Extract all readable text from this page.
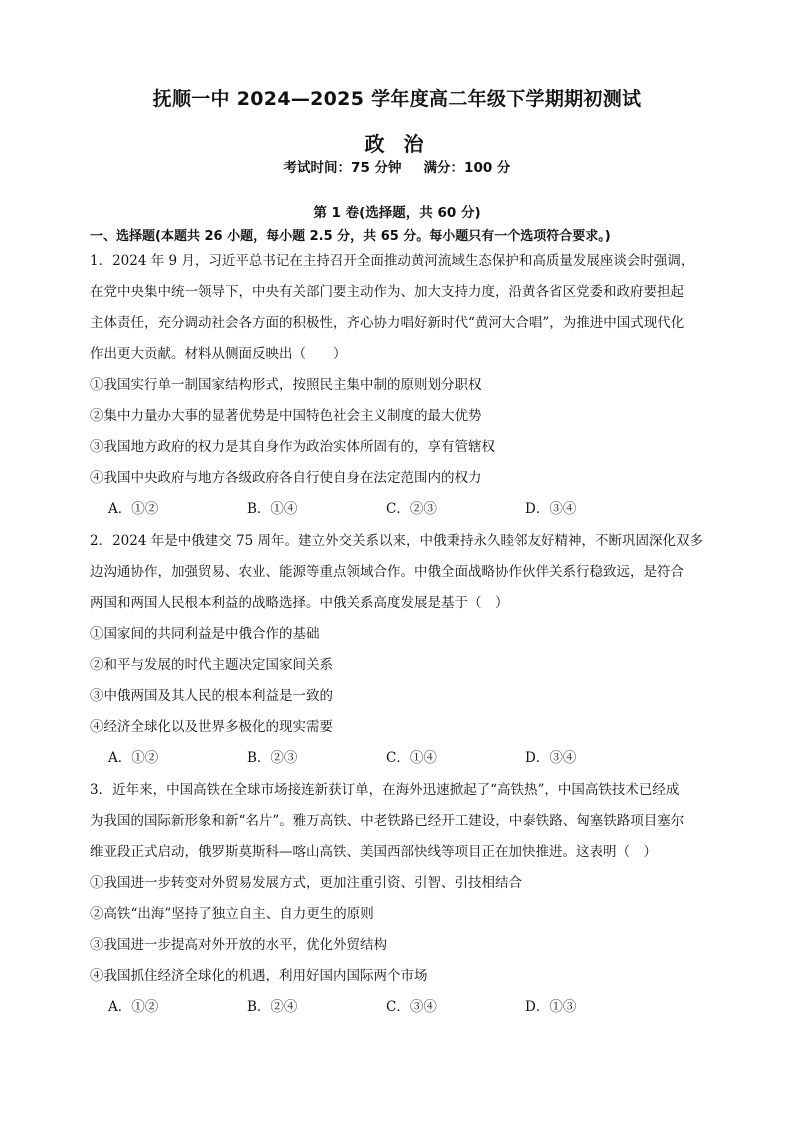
抚顺一中 2024—2025 学年度高二年级下学期期初测试
政 治
考试时间：75 分钟 满分：100 分
第 1 卷(选择题，共 60 分)
一、选择题(本题共 26 小题，每小题 2.5 分，共 65 分。每小题只有一个选项符合要求。)
1．2024 年 9 月，习近平总书记在主持召开全面推动黄河流域生态保护和高质量发展座谈会时强调，
在党中央集中统一领导下，中央有关部门要主动作为、加大支持力度，沿黄各省区党委和政府要担起
主体责任，充分调动社会各方面的积极性，齐心协力唱好新时代“黄河大合唱”，为推进中国式现代化
作出更大贡献。材料从侧面反映出（　　）
①我国实行单一制国家结构形式，按照民主集中制的原则划分职权
②集中力量办大事的显著优势是中国特色社会主义制度的最大优势
③我国地方政府的权力是其自身作为政治实体所固有的，享有管辖权
④我国中央政府与地方各级政府各自行使自身在法定范围内的权力
A．①②	B．①④	C．②③	D．③④
2．2024 年是中俄建交 75 周年。建立外交关系以来，中俄秉持永久睦邻友好精神，不断巩固深化双多
边沟通协作，加强贸易、农业、能源等重点领域合作。中俄全面战略协作伙伴关系行稳致远，是符合
两国和两国人民根本利益的战略选择。中俄关系高度发展是基于（　）
①国家间的共同利益是中俄合作的基础
②和平与发展的时代主题决定国家间关系
③中俄两国及其人民的根本利益是一致的
④经济全球化以及世界多极化的现实需要
A．①②	B．②③	C．①④	D．③④
3．近年来，中国高铁在全球市场接连新获订单，在海外迅速掀起了“高铁热”，中国高铁技术已经成
为我国的国际新形象和新“名片”。雅万高铁、中老铁路已经开工建设，中泰铁路、匈塞铁路项目塞尔
维亚段正式启动，俄罗斯莫斯科—喀山高铁、美国西部快线等项目正在加快推进。这表明（　）
①我国进一步转变对外贸易发展方式，更加注重引资、引智、引技相结合
②高铁“出海”坚持了独立自主、自力更生的原则
③我国进一步提高对外开放的水平，优化外贸结构
④我国抓住经济全球化的机遇，利用好国内国际两个市场
A．①②	B．②④	C．③④	D．①③
